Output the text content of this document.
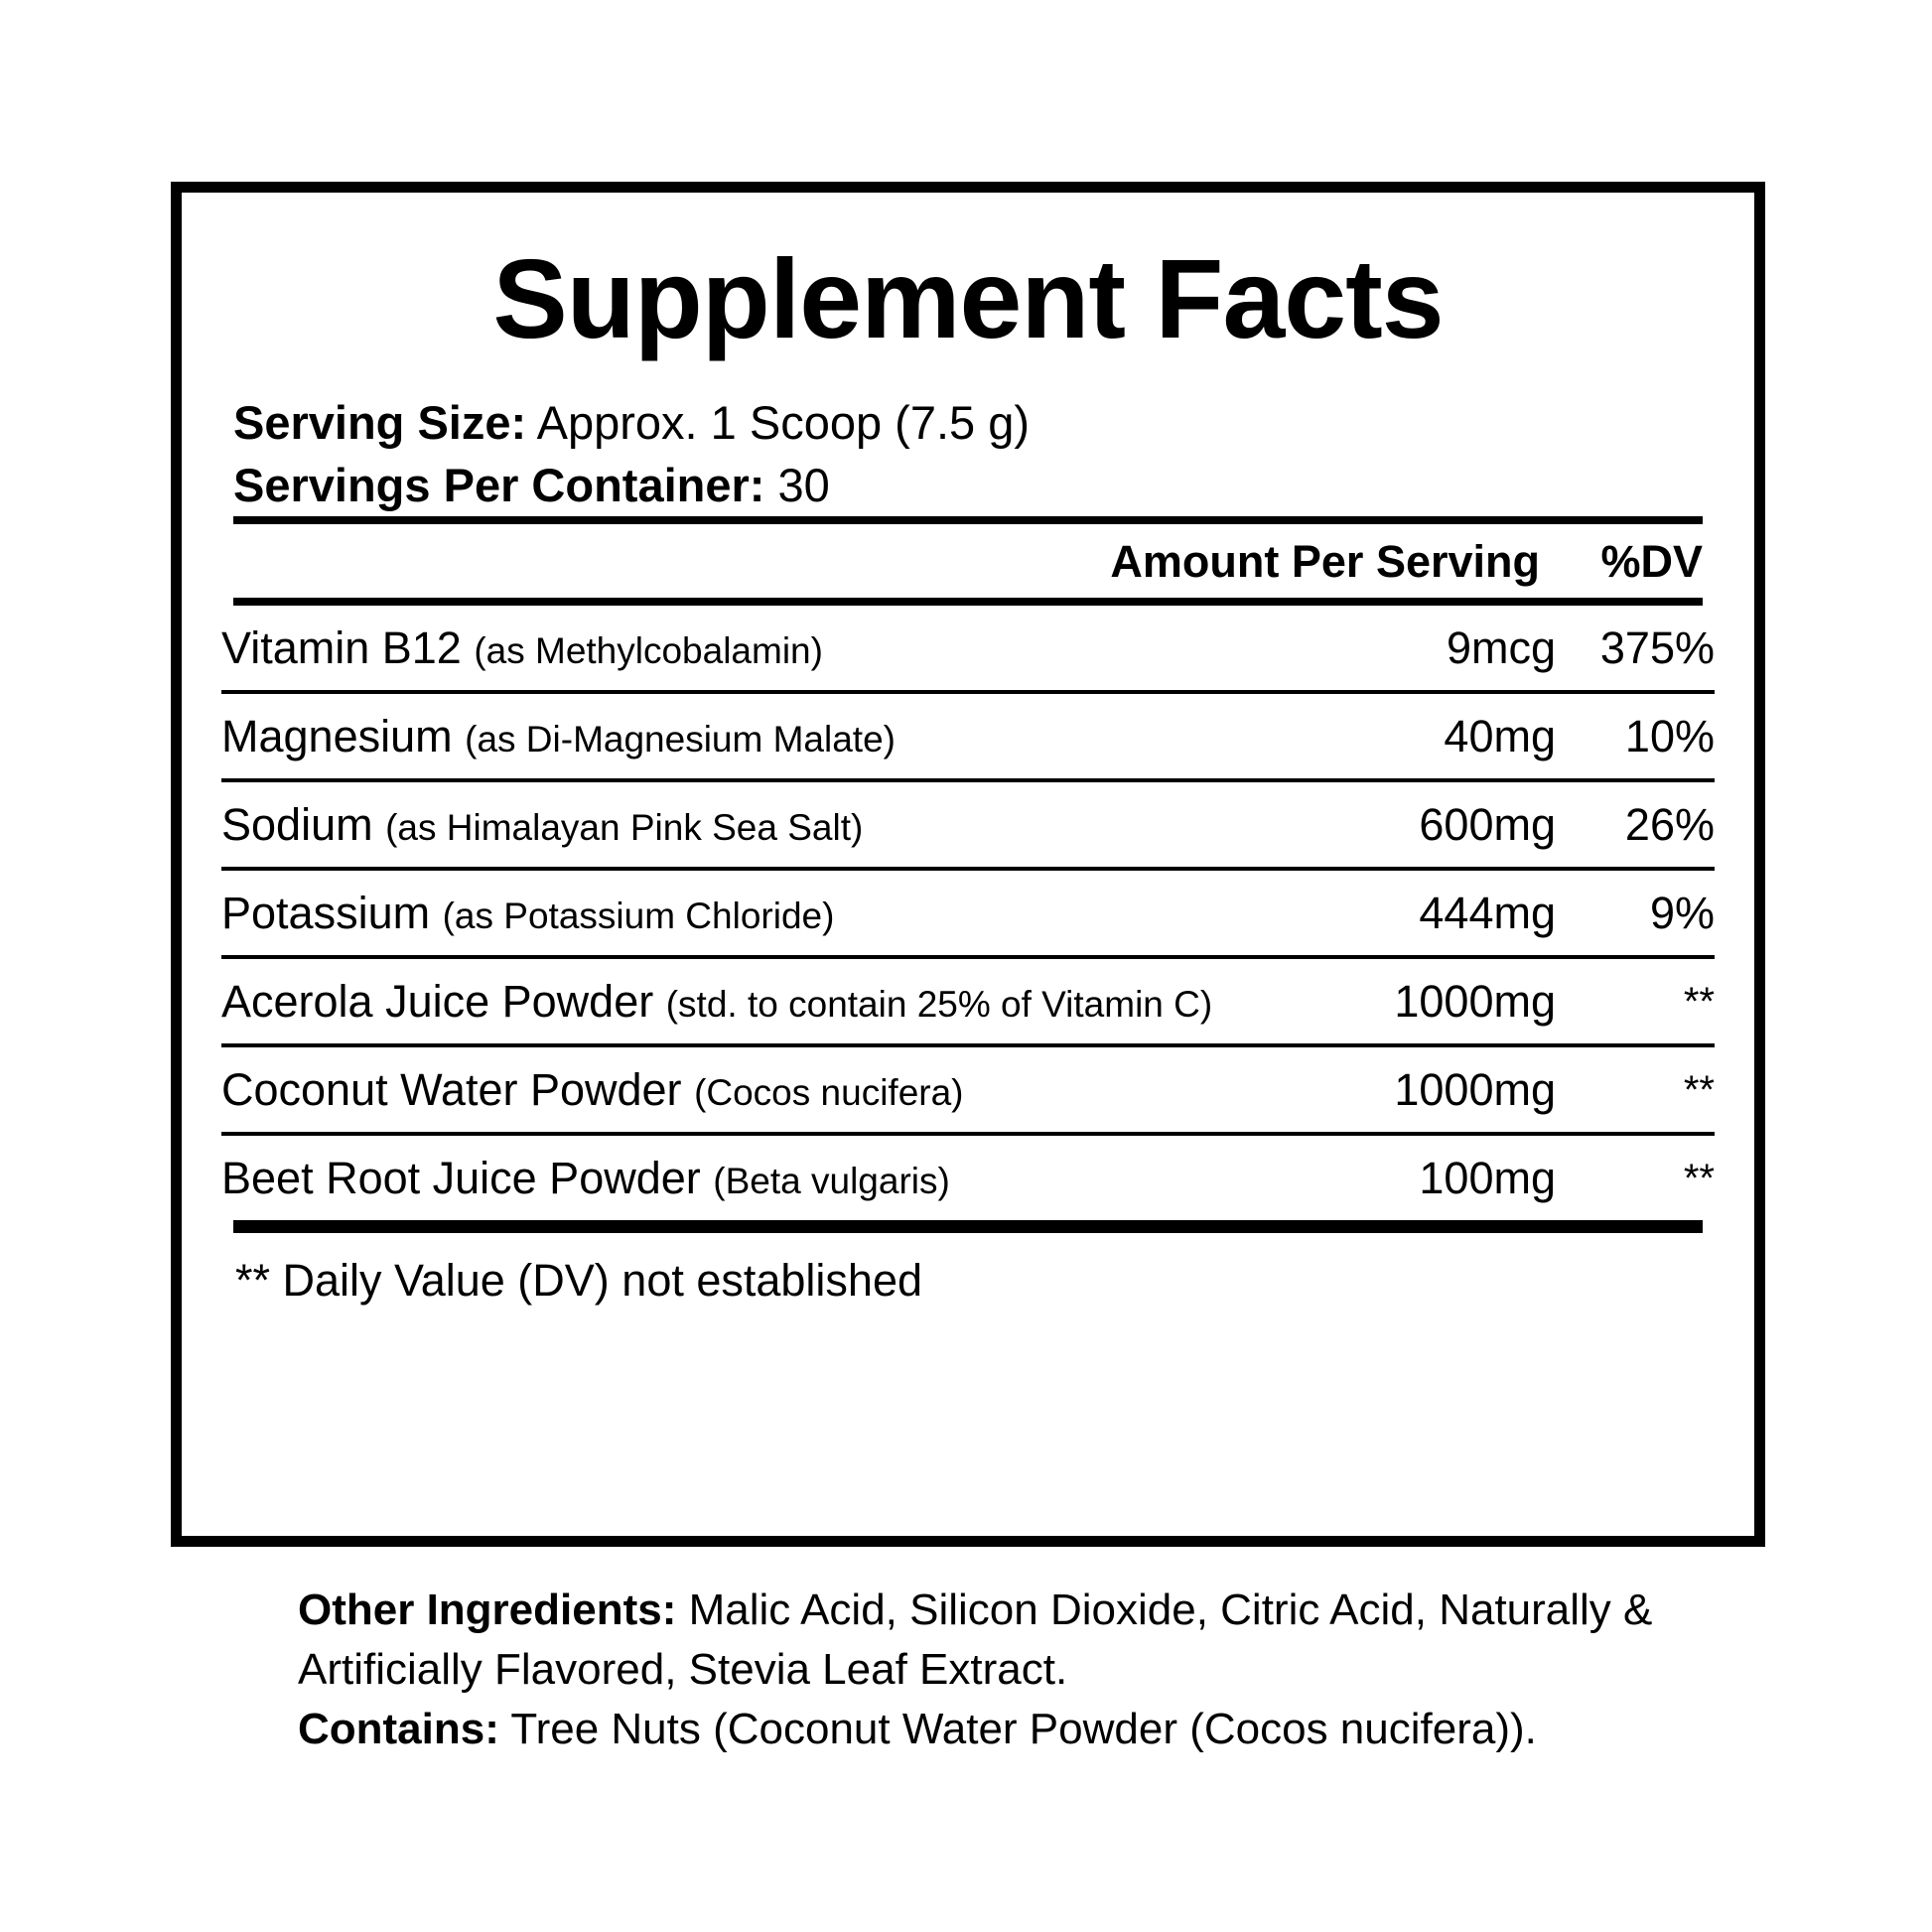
Supplement Facts
Serving Size: Approx. 1 Scoop (7.5 g)
Servings Per Container: 30
Amount Per Serving	%DV
Vitamin B12 (as Methylcobalamin)	9mcg	375%
Magnesium (as Di-Magnesium Malate)	40mg	10%
Sodium (as Himalayan Pink Sea Salt)	600mg	26%
Potassium (as Potassium Chloride)	444mg	9%
Acerola Juice Powder (std. to contain 25% of Vitamin C)	1000mg	**
Coconut Water Powder (Cocos nucifera)	1000mg	**
Beet Root Juice Powder (Beta vulgaris)	100mg	**
** Daily Value (DV) not established

Other Ingredients: Malic Acid, Silicon Dioxide, Citric Acid, Naturally & Artificially Flavored, Stevia Leaf Extract.

Contains: Tree Nuts (Coconut Water Powder (Cocos nucifera)).
